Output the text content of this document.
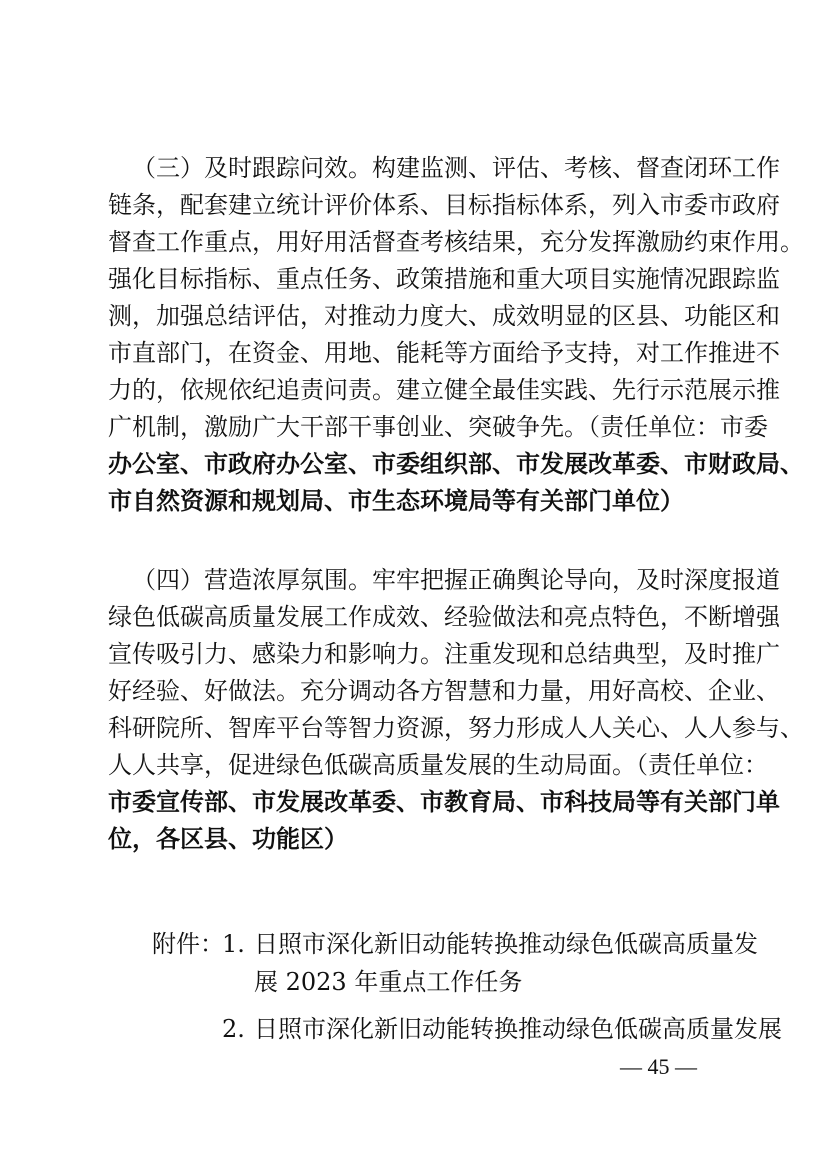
（三）及时跟踪问效。构建监测、评估、考核、督查闭环工作
链条，配套建立统计评价体系、目标指标体系，列入市委市政府
督查工作重点，用好用活督查考核结果，充分发挥激励约束作用。
强化目标指标、重点任务、政策措施和重大项目实施情况跟踪监
测，加强总结评估，对推动力度大、成效明显的区县、功能区和
市直部门，在资金、用地、能耗等方面给予支持，对工作推进不
力的，依规依纪追责问责。建立健全最佳实践、先行示范展示推
广机制，激励广大干部干事创业、突破争先。（责任单位：市委
办公室、市政府办公室、市委组织部、市发展改革委、市财政局、
市自然资源和规划局、市生态环境局等有关部门单位）
（四）营造浓厚氛围。牢牢把握正确舆论导向，及时深度报道
绿色低碳高质量发展工作成效、经验做法和亮点特色，不断增强
宣传吸引力、感染力和影响力。注重发现和总结典型，及时推广
好经验、好做法。充分调动各方智慧和力量，用好高校、企业、
科研院所、智库平台等智力资源，努力形成人人关心、人人参与、
人人共享，促进绿色低碳高质量发展的生动局面。（责任单位：
市委宣传部、市发展改革委、市教育局、市科技局等有关部门单
位，各区县、功能区）
附件：
1. 日照市深化新旧动能转换推动绿色低碳高质量发
展 2023 年重点工作任务
2. 日照市深化新旧动能转换推动绿色低碳高质量发展
— 45 —
